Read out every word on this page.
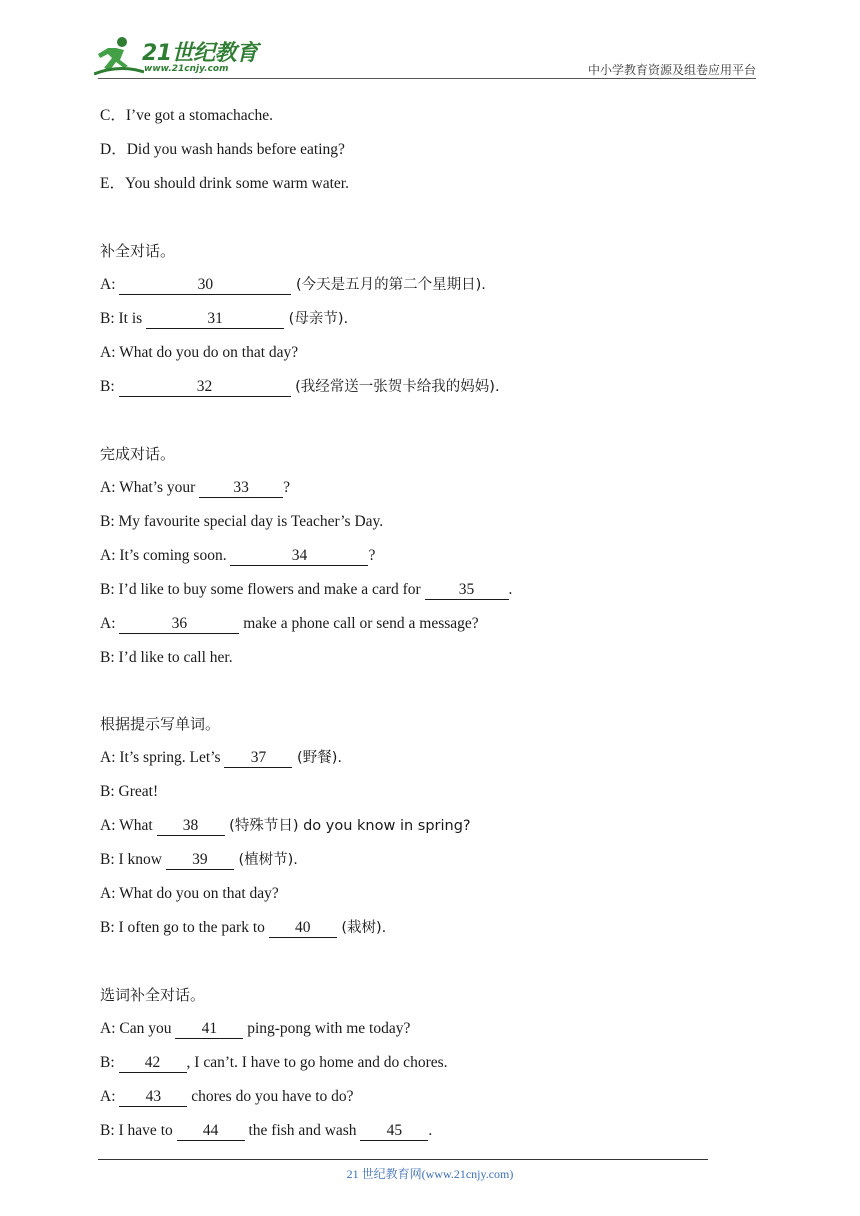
21世纪教育
www.21cnjy.com	中小学教育资源及组卷应用平台
C．I’ve got a stomachache.
D．Did you wash hands before eating?
E．You should drink some warm water.
补全对话。
A:	30	(今天是五月的第二个星期日).
B: It is	31	(母亲节).
A: What do you do on that day?
B:	32	(我经常送一张贺卡给我的妈妈).
完成对话。
A: What’s your 33 ?
B: My favourite special day is Teacher’s Day.
A: It’s coming soon.	34	?
B: I’d like to buy some flowers and make a card for 35 .
A:	36	make a phone call or send a message?
B: I’d like to call her.
根据提示写单词。
A: It’s spring. Let’s 37 (野餐).
B: Great!
A: What 38 (特殊节日) do you know in spring?
B: I know 39 (植树节).
A: What do you on that day?
B: I often go to the park to 40 (栽树).
选词补全对话。
A: Can you 41 ping-pong with me today?
B: 42 , I can’t. I have to go home and do chores.
A: 43 chores do you have to do?
B: I have to 44 the fish and wash 45 .
21 世纪教育网(www.21cnjy.com)
